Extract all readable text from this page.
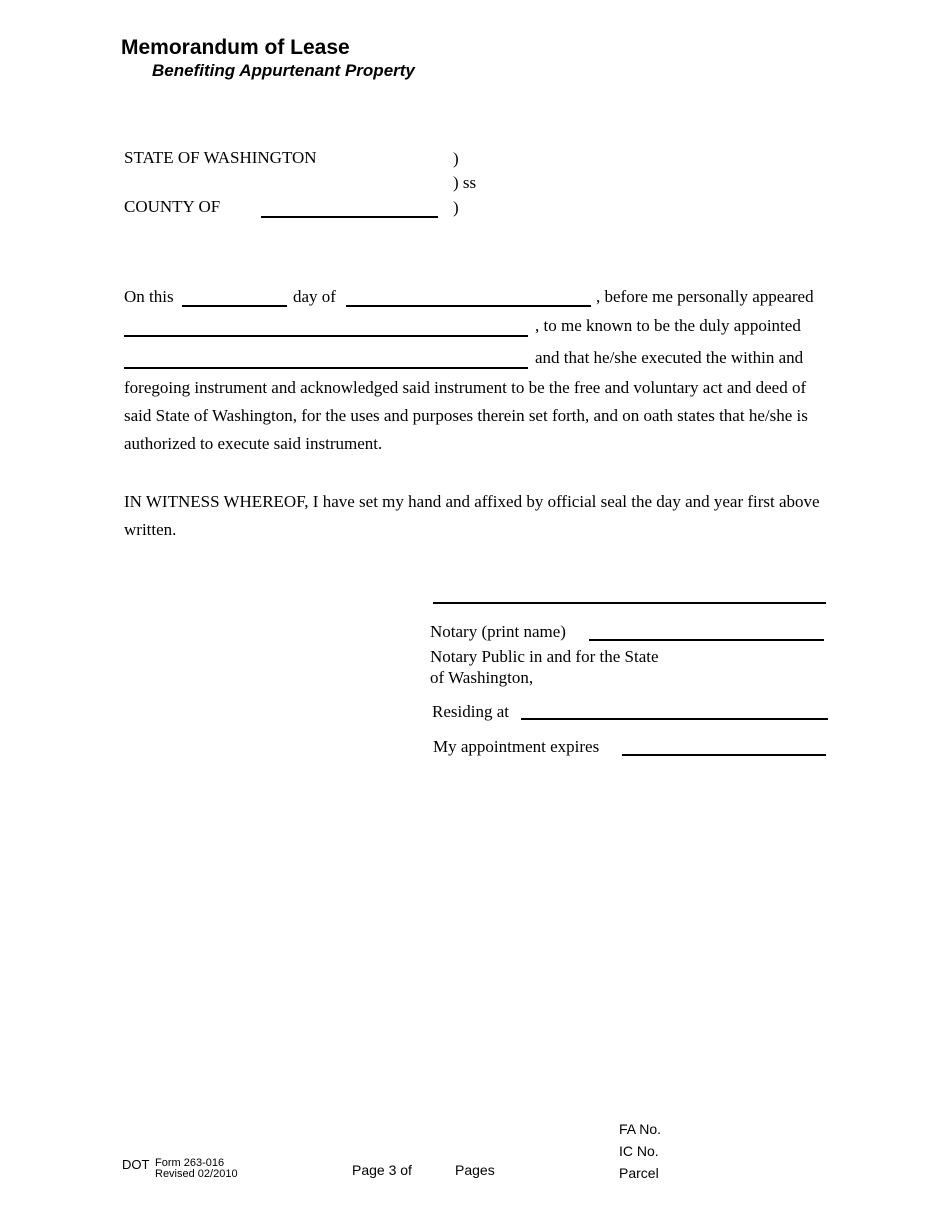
Memorandum of Lease
Benefiting Appurtenant Property
STATE OF WASHINGTON	)
) ss
COUNTY OF	)
On this	day of	, before me personally appeared
, to me known to be the duly appointed
and that he/she executed the within and
foregoing instrument and acknowledged said instrument to be the free and voluntary act and deed of said State of Washington, for the uses and purposes therein set forth, and on oath states that he/she is authorized to execute said instrument.
IN WITNESS WHEREOF, I have set my hand and affixed by official seal the day and year first above written.
Notary (print name)
Notary Public in and for the State
of Washington,
Residing at
My appointment expires
DOT Form 263-016
Revised 02/2010	Page 3 of	Pages
FA No.
IC No.
Parcel
